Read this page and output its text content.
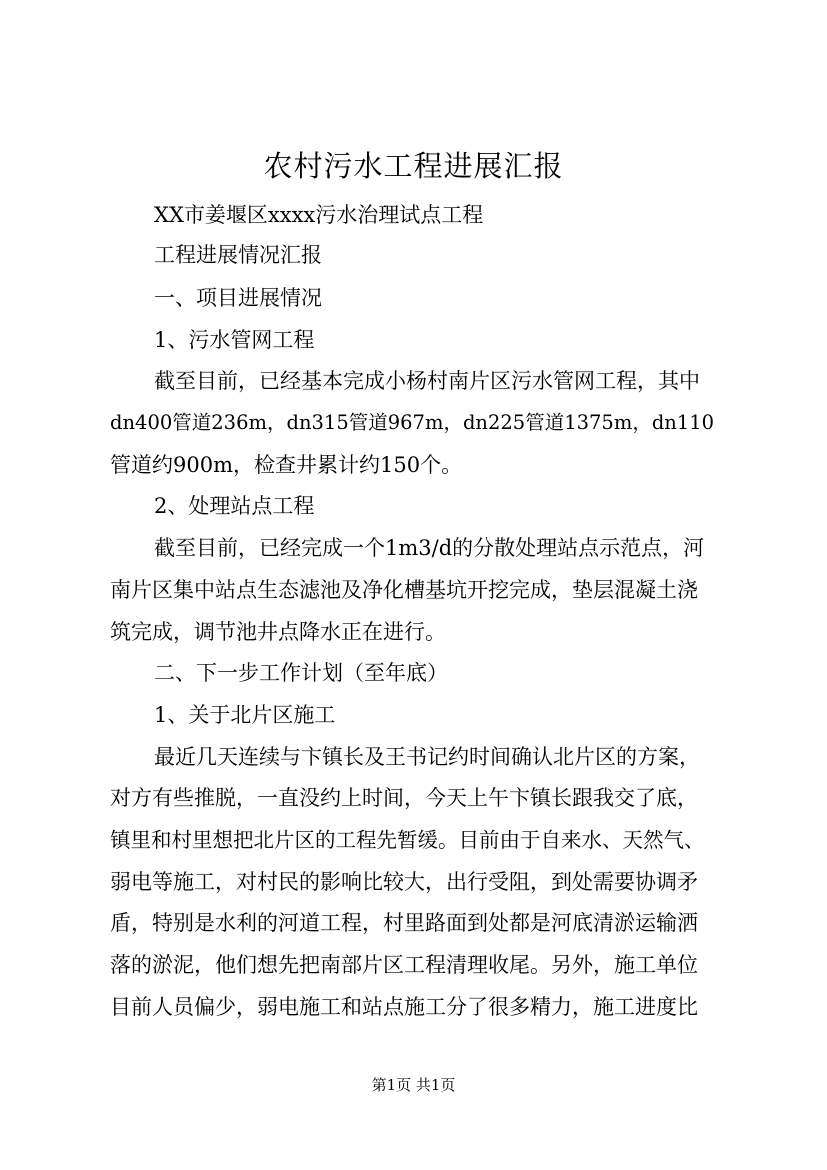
农村污水工程进展汇报

XX市姜堰区xxxx污水治理试点工程

工程进展情况汇报

一、项目进展情况

1、污水管网工程

截至目前，已经基本完成小杨村南片区污水管网工程，其中

dn400管道236m，dn315管道967m，dn225管道1375m，dn110

管道约900m，检查井累计约150个。

2、处理站点工程

截至目前，已经完成一个1m3/d的分散处理站点示范点，河

南片区集中站点生态滤池及净化槽基坑开挖完成，垫层混凝土浇

筑完成，调节池井点降水正在进行。

二、下一步工作计划（至年底）

1、关于北片区施工

最近几天连续与卞镇长及王书记约时间确认北片区的方案，

对方有些推脱，一直没约上时间，今天上午卞镇长跟我交了底，

镇里和村里想把北片区的工程先暂缓。目前由于自来水、天然气、

弱电等施工，对村民的影响比较大，出行受阻，到处需要协调矛

盾，特别是水利的河道工程，村里路面到处都是河底清淤运输洒

落的淤泥，他们想先把南部片区工程清理收尾。另外，施工单位

目前人员偏少，弱电施工和站点施工分了很多精力，施工进度比

第1页 共1页
